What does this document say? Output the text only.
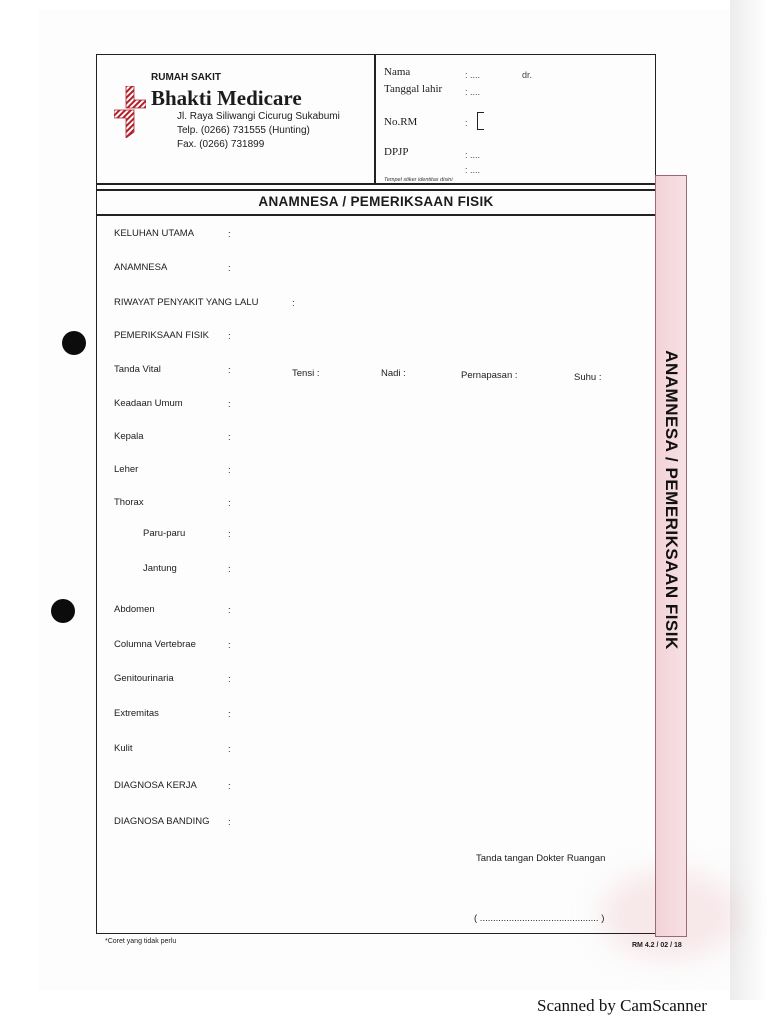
ANAMNESA / PEMERIKSAAN FISIK
RUMAH SAKIT
Bhakti Medicare
Jl. Raya Siliwangi Cicurug Sukabumi
Telp. (0266) 731555 (Hunting)
Fax. (0266) 731899
Nama	: ....	dr.
Tanggal lahir	: ....
No.RM	:
DPJP	: ....
: ....
Tempel stiker identitas disini
ANAMNESA / PEMERIKSAAN FISIK
KELUHAN UTAMA	:
ANAMNESA	:
RIWAYAT PENYAKIT YANG LALU	:
PEMERIKSAAN FISIK :
Tanda Vital	:	Tensi :	Nadi :	Pernapasan :	Suhu :
Keadaan Umum	:
Kepala	:
Leher	:
Thorax	:
Paru-paru	:
Jantung	:
Abdomen	:
Columna Vertebrae	:
Genitourinaria	:
Extremitas	:
Kulit	:
DIAGNOSA KERJA	:
DIAGNOSA BANDING :
Tanda tangan Dokter Ruangan
( ............................................. )
*Coret yang tidak perlu
RM 4.2 / 02 / 18
Scanned by CamScanner
